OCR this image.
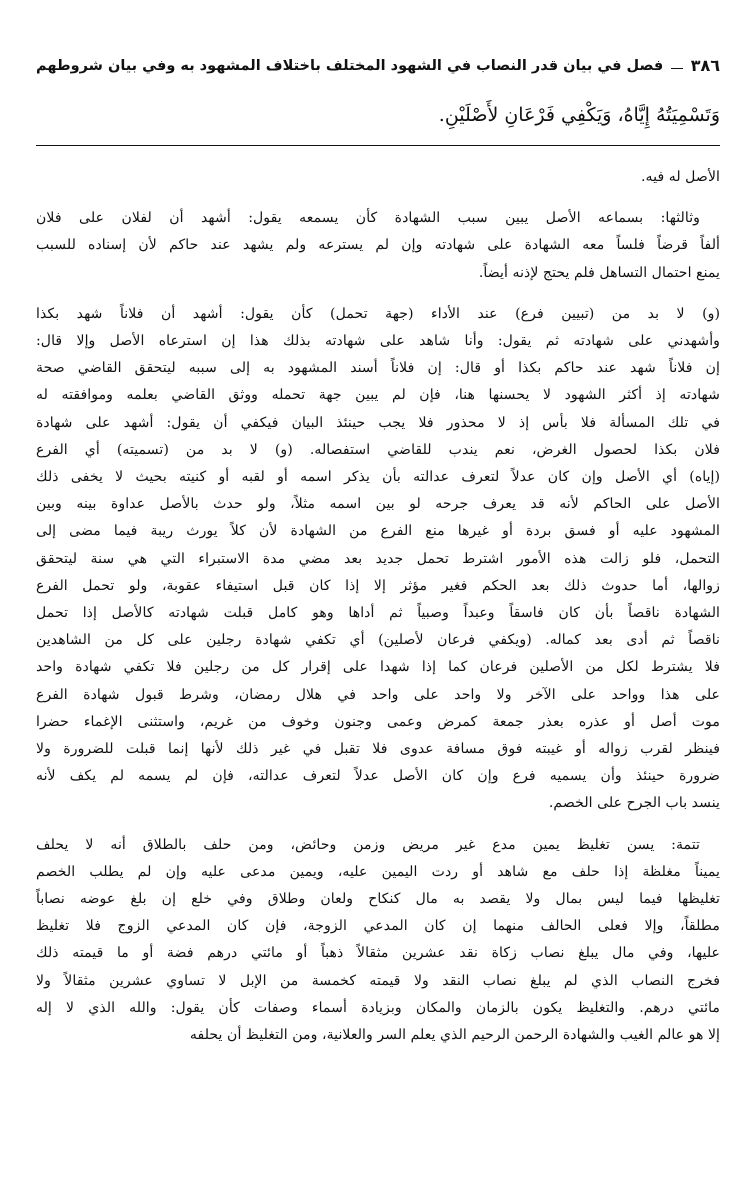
٣٨٦
فصل في بيان قدر النصاب في الشهود المختلف باختلاف المشهود به وفي بيان شروطهم
وَتَسْمِيَتُهُ إِيَّاهُ، وَيَكْفِي فَرْعَانِ لأَصْلَيْنِ.

الأصل له فيه.

وثالثها: بسماعه الأصل يبين سبب الشهادة كأن يسمعه يقول: أشهد أن لفلان على فلان
ألفاً قرضاً فلساً معه الشهادة على شهادته وإن لم يسترعه ولم يشهد عند حاكم لأن إسناده للسبب
يمنع احتمال التساهل فلم يحتج لإذنه أيضاً.

(و) لا بد من (تبيين فرع) عند الأداء (جهة تحمل) كأن يقول: أشهد أن فلاناً شهد بكذا
وأشهدني على شهادته ثم يقول: وأنا شاهد على شهادته بذلك هذا إن استرعاه الأصل وإلا قال:
إن فلاناً شهد عند حاكم بكذا أو قال: إن فلاناً أسند المشهود به إلى سببه ليتحقق القاضي صحة
شهادته إذ أكثر الشهود لا يحسنها هنا، فإن لم يبين جهة تحمله ووثق القاضي بعلمه وموافقته له
في تلك المسألة فلا بأس إذ لا محذور فلا يجب حينئذ البيان فيكفي أن يقول: أشهد على شهادة
فلان بكذا لحصول الغرض، نعم يندب للقاضي استفصاله. (و) لا بد من (تسميته) أي الفرع
(إياه) أي الأصل وإن كان عدلاً لتعرف عدالته بأن يذكر اسمه أو لقبه أو كنيته بحيث لا يخفى ذلك
الأصل على الحاكم لأنه قد يعرف جرحه لو بين اسمه مثلاً، ولو حدث بالأصل عداوة بينه وبين
المشهود عليه أو فسق بردة أو غيرها منع الفرع من الشهادة لأن كلاً يورث ريبة فيما مضى إلى
التحمل، فلو زالت هذه الأمور اشترط تحمل جديد بعد مضي مدة الاستبراء التي هي سنة ليتحقق
زوالها، أما حدوث ذلك بعد الحكم فغير مؤثر إلا إذا كان قبل استيفاء عقوبة، ولو تحمل الفرع
الشهادة ناقصاً بأن كان فاسقاً وعبداً وصبياً ثم أداها وهو كامل قبلت شهادته كالأصل إذا تحمل
ناقصاً ثم أدى بعد كماله. (ويكفي فرعان لأصلين) أي تكفي شهادة رجلين على كل من الشاهدين
فلا يشترط لكل من الأصلين فرعان كما إذا شهدا على إقرار كل من رجلين فلا تكفي شهادة واحد
على هذا وواحد على الآخر ولا واحد على واحد في هلال رمضان، وشرط قبول شهادة الفرع
موت أصل أو عذره بعذر جمعة كمرض وعمى وجنون وخوف من غريم، واستثنى الإغماء حضرا
فينظر لقرب زواله أو غيبته فوق مسافة عدوى فلا تقبل في غير ذلك لأنها إنما قبلت للضرورة ولا
ضرورة حينئذ وأن يسميه فرع وإن كان الأصل عدلاً لتعرف عدالته، فإن لم يسمه لم يكف لأنه
ينسد باب الجرح على الخصم.

تتمة: يسن تغليظ يمين مدع غير مريض وزمن وحائض، ومن حلف بالطلاق أنه لا يحلف
يميناً مغلظة إذا حلف مع شاهد أو ردت اليمين عليه، ويمين مدعى عليه وإن لم يطلب الخصم
تغليظها فيما ليس بمال ولا يقصد به مال كنكاح ولعان وطلاق وفي خلع إن بلغ عوضه نصاباً
مطلقاً، وإلا فعلى الحالف منهما إن كان المدعي الزوجة، فإن كان المدعي الزوج فلا تغليظ
عليها، وفي مال يبلغ نصاب زكاة نقد عشرين مثقالاً ذهباً أو مائتي درهم فضة أو ما قيمته ذلك
فخرج النصاب الذي لم يبلغ نصاب النقد ولا قيمته كخمسة من الإبل لا تساوي عشرين مثقالاً ولا
مائتي درهم. والتغليظ يكون بالزمان والمكان وبزيادة أسماء وصفات كأن يقول: والله الذي لا إله
إلا هو عالم الغيب والشهادة الرحمن الرحيم الذي يعلم السر والعلانية، ومن التغليظ أن يحلفه
